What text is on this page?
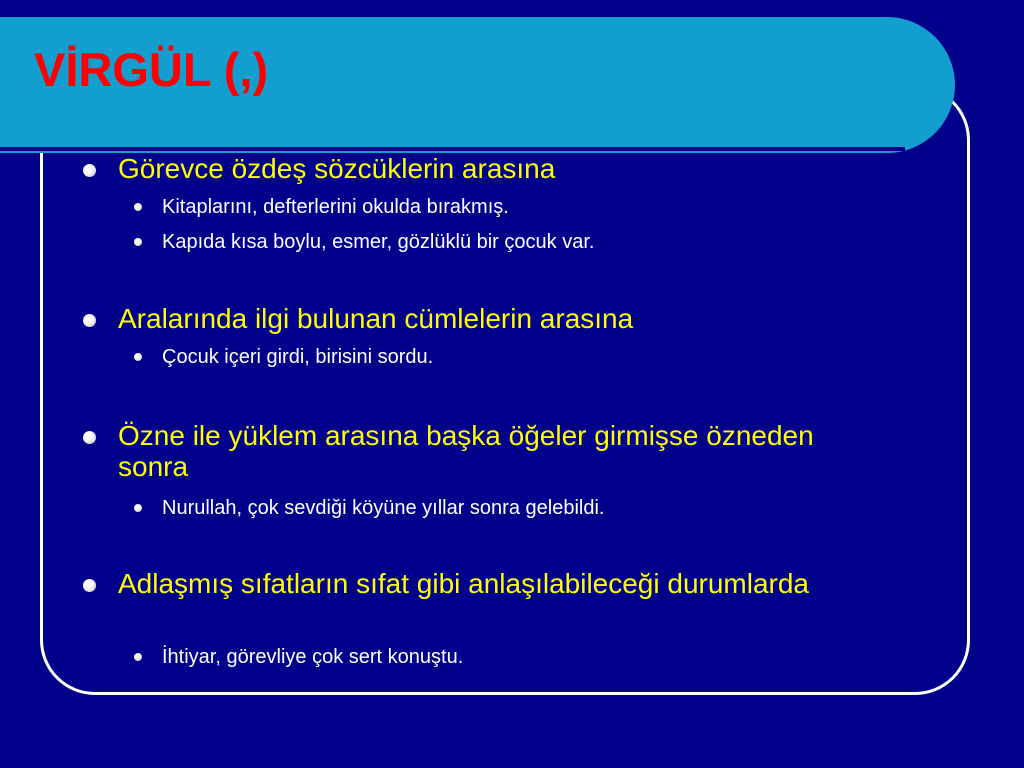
VİRGÜL (,)
Görevce özdeş sözcüklerin arasına
Kitaplarını, defterlerini okulda bırakmış.
Kapıda kısa boylu, esmer, gözlüklü bir çocuk var.
Aralarında ilgi bulunan cümlelerin arasına
Çocuk içeri girdi, birisini sordu.
Özne ile yüklem arasına başka öğeler girmişse özneden sonra
Nurullah, çok sevdiği köyüne yıllar sonra gelebildi.
Adlaşmış sıfatların sıfat gibi anlaşılabileceği durumlarda
İhtiyar, görevliye çok sert konuştu.
